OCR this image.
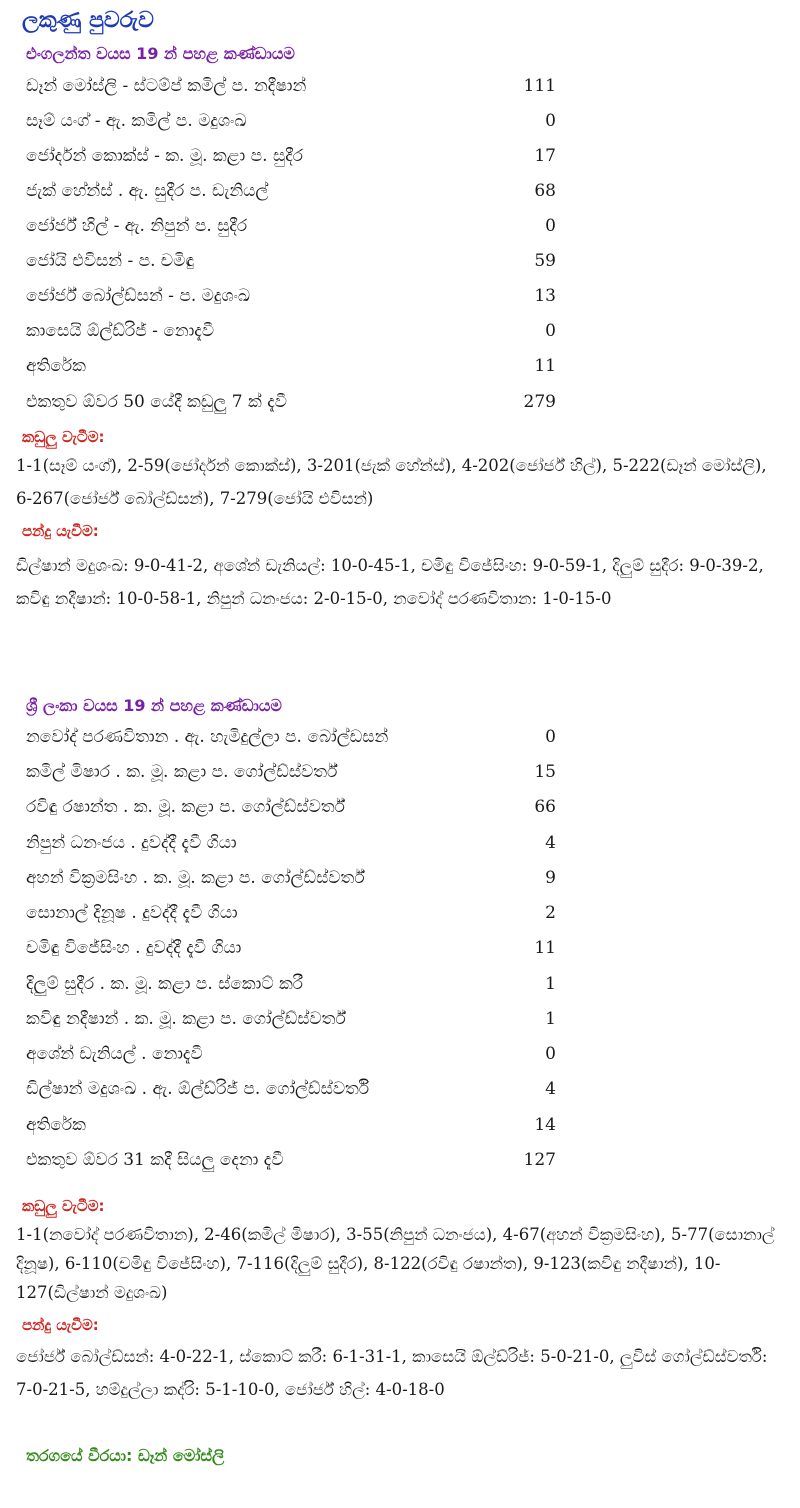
ලකුණු පුවරුව
එංගලන්ත වයස 19 න් පහළ කණ්ඩායම
ඩෑන් මෝස්ලි - ස්ටම්ප් කමිල් ප. නදීෂාන්	111
සෑම් යංග් - ඇ. කමිල් ප. මදුශංඛ	0
ජෝර්දන් කොක්ස් - ක. මූ. කළා ප. සුදීර	17
ජැක් හේන්ස් . ඇ. සුදීර ප. ඩැනියල්	68
ජෝර්ජ් හිල් - ඇ. නිපුන් ප. සුදීර	0
ජෝයි එවිසන් - ප. චමිඳු	59
ජෝර්ජ් බෝල්ඩ්සන් - ප. මදුශංඛ	13
කාසෙයි ඕල්ඩ්රිජ් - නොදැවී	0
අතිරේක	11
එකතුව ඕවර 50 යේදී කඩුලු 7 ක් දැවී	279
කඩුලු වැටීම:
1-1(සෑම් යංග්), 2-59(ජෝර්දන් කොක්ස්), 3-201(ජැක් හේන්ස්), 4-202(ජෝර්ජ් හිල්), 5-222(ඩෑන් මෝස්ලි), 6-267(ජෝර්ජ් බෝල්ඩ්සන්), 7-279(ජෝයි එවිසන්)
පන්දු යැවීම:
ඩිල්ෂාන් මදුශංඛ: 9-0-41-2, අශේන් ඩැනියල්: 10-0-45-1, චමිඳු විජේසිංහ: 9-0-59-1, දිලුම් සුදීර: 9-0-39-2, කවිඳු නදීෂාන්: 10-0-58-1, නිපුන් ධනංජය: 2-0-15-0, නවෝද් පරණවිතාන: 1-0-15-0
ශ්‍රී ලංකා වයස 19 න් පහළ කණ්ඩායම
නවෝද් පරණවිතාන . ඇ. හැමිදුල්ලා ප. බෝල්ඩසන්	0
කමිල් මිෂාර . ක. මූ. කළා ප. ගෝල්ඩ්ස්වර්ත්	15
රවිඳු රෂාන්ත . ක. මූ. කළා ප. ගෝල්ඩ්ස්වර්ත්	66
නිපුන් ධනංජය . දුවද්දී දැවී ගියා	4
අහන් වික්‍රමසිංහ . ක. මූ. කළා ප. ගෝල්ඩ්ස්වර්ත්	9
සොනාල් දිනූෂ . දුවද්දී දැවී ගියා	2
චමිඳු විජේසිංහ . දුවද්දී දැවී ගියා	11
දිලුම් සුදීර . ක. මූ. කළා ප. ස්කොට් කරී	1
කවිඳු නදීෂාන් . ක. මූ. කළා ප. ගෝල්ඩ්ස්වර්ත්	1
අශේන් ඩැනියල් . නොදැවී	0
ඩිල්ෂාන් මදුශංඛ . ඇ. ඕල්ඩ්රිජ් ප. ගෝල්ඩ්ස්වර්ති	4
අතිරේක	14
එකතුව ඕවර 31 කදී සියලු දෙනා දැවී	127
කඩුලු වැටීම:
1-1(නවෝද් පරණවිතාන), 2-46(කමිල් මිෂාර), 3-55(නිපුන් ධනංජය), 4-67(අහන් වික්‍රමසිංහ), 5-77(සොනාල් දිනූෂ), 6-110(චමිඳු විජේසිංහ), 7-116(දිලුම් සුදීර), 8-122(රවිඳු රෂාන්ත), 9-123(කවිඳු නදීෂාන්), 10-127(ඩිල්ෂාන් මදුශංඛ)
පන්දු යැවීම:
ජෝර්ජ් බෝල්ඩ්සන්: 4-0-22-1, ස්කොට් කරී: 6-1-31-1, කාසෙයි ඕල්ඩ්රිජ්: 5-0-21-0, ලුවිස් ගෝල්ඩ්ස්වර්ති: 7-0-21-5, හම්දුල්ලා කද්රි: 5-1-10-0, ජෝර්ජ් හිල්: 4-0-18-0
තරගයේ වීරයා: ඩෑන් මෝස්ලි
